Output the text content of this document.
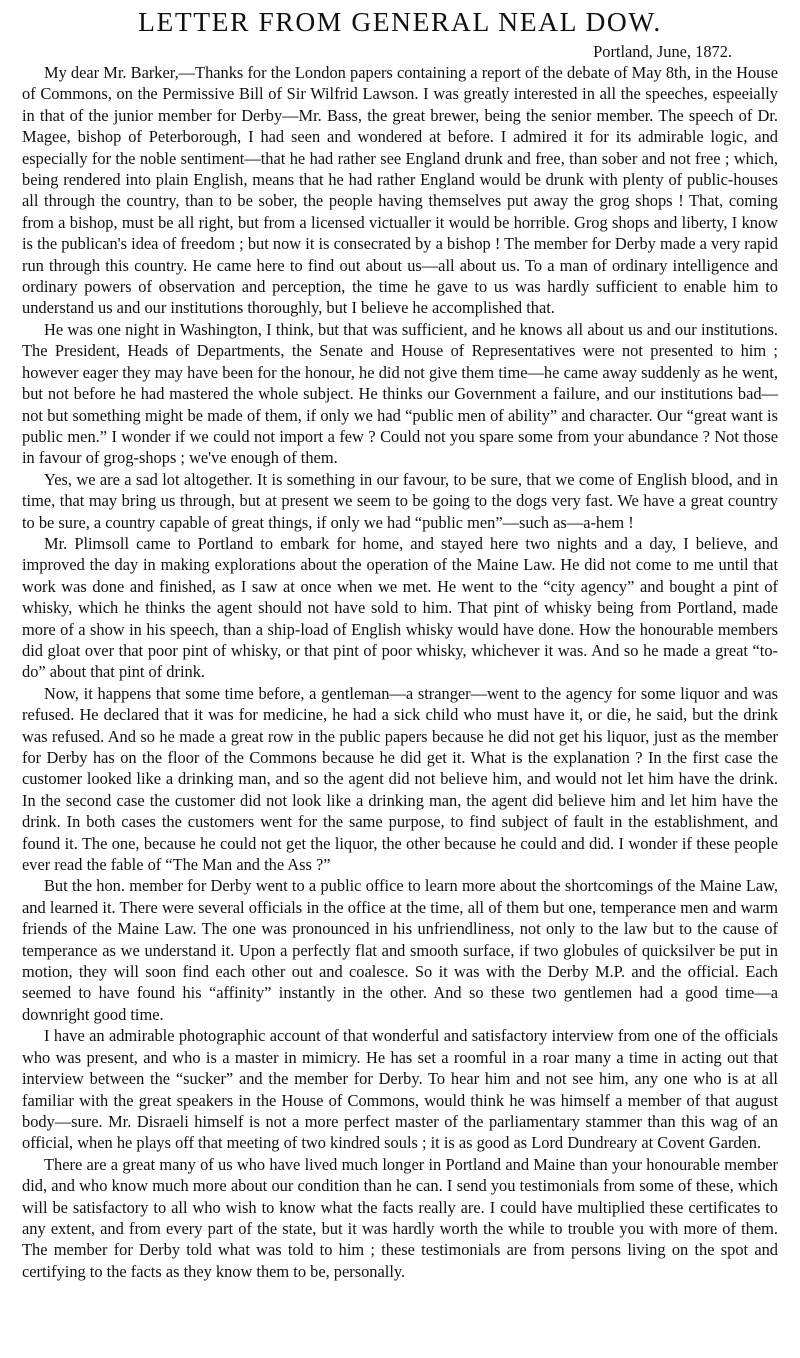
LETTER FROM GENERAL NEAL DOW.
Portland, June, 1872.

My dear Mr. Barker,—Thanks for the London papers containing a report of the debate of May 8th, in the House of Commons, on the Permissive Bill of Sir Wilfrid Lawson. I was greatly interested in all the speeches, espeeially in that of the junior member for Derby—Mr. Bass, the great brewer, being the senior member. The speech of Dr. Magee, bishop of Peterborough, I had seen and wondered at before. I admired it for its admirable logic, and especially for the noble sentiment—that he had rather see England drunk and free, than sober and not free ; which, being rendered into plain English, means that he had rather England would be drunk with plenty of public-houses all through the country, than to be sober, the people having themselves put away the grog shops ! That, coming from a bishop, must be all right, but from a licensed victualler it would be horrible. Grog shops and liberty, I know is the publican's idea of freedom ; but now it is consecrated by a bishop ! The member for Derby made a very rapid run through this country. He came here to find out about us—all about us. To a man of ordinary intelligence and ordinary powers of observation and perception, the time he gave to us was hardly sufficient to enable him to understand us and our institutions thoroughly, but I believe he accomplished that.

He was one night in Washington, I think, but that was sufficient, and he knows all about us and our institutions. The President, Heads of Departments, the Senate and House of Representatives were not presented to him ; however eager they may have been for the honour, he did not give them time—he came away suddenly as he went, but not before he had mastered the whole subject. He thinks our Government a failure, and our institutions bad—not but something might be made of them, if only we had “public men of ability” and character. Our “great want is public men.” I wonder if we could not import a few ? Could not you spare some from your abundance ? Not those in favour of grog-shops ; we've enough of them.

Yes, we are a sad lot altogether. It is something in our favour, to be sure, that we come of English blood, and in time, that may bring us through, but at present we seem to be going to the dogs very fast. We have a great country to be sure, a country capable of great things, if only we had “public men”—such as—a-hem !

Mr. Plimsoll came to Portland to embark for home, and stayed here two nights and a day, I believe, and improved the day in making explorations about the operation of the Maine Law. He did not come to me until that work was done and finished, as I saw at once when we met. He went to the “city agency” and bought a pint of whisky, which he thinks the agent should not have sold to him. That pint of whisky being from Portland, made more of a show in his speech, than a ship-load of English whisky would have done. How the honourable members did gloat over that poor pint of whisky, or that pint of poor whisky, whichever it was. And so he made a great “to-do” about that pint of drink.

Now, it happens that some time before, a gentleman—a stranger—went to the agency for some liquor and was refused. He declared that it was for medicine, he had a sick child who must have it, or die, he said, but the drink was refused. And so he made a great row in the public papers because he did not get his liquor, just as the member for Derby has on the floor of the Commons because he did get it. What is the explanation ? In the first case the customer looked like a drinking man, and so the agent did not believe him, and would not let him have the drink. In the second case the customer did not look like a drinking man, the agent did believe him and let him have the drink. In both cases the customers went for the same purpose, to find subject of fault in the establishment, and found it. The one, because he could not get the liquor, the other because he could and did. I wonder if these people ever read the fable of “The Man and the Ass ?”

But the hon. member for Derby went to a public office to learn more about the shortcomings of the Maine Law, and learned it. There were several officials in the office at the time, all of them but one, temperance men and warm friends of the Maine Law. The one was pronounced in his unfriendliness, not only to the law but to the cause of temperance as we understand it. Upon a perfectly flat and smooth surface, if two globules of quicksilver be put in motion, they will soon find each other out and coalesce. So it was with the Derby M.P. and the official. Each seemed to have found his “affinity” instantly in the other. And so these two gentlemen had a good time—a downright good time.

I have an admirable photographic account of that wonderful and satisfactory interview from one of the officials who was present, and who is a master in mimicry. He has set a roomful in a roar many a time in acting out that interview between the “sucker” and the member for Derby. To hear him and not see him, any one who is at all familiar with the great speakers in the House of Commons, would think he was himself a member of that august body—sure. Mr. Disraeli himself is not a more perfect master of the parliamentary stammer than this wag of an official, when he plays off that meeting of two kindred souls ; it is as good as Lord Dundreary at Covent Garden.

There are a great many of us who have lived much longer in Portland and Maine than your honourable member did, and who know much more about our condition than he can. I send you testimonials from some of these, which will be satisfactory to all who wish to know what the facts really are. I could have multiplied these certificates to any extent, and from every part of the state, but it was hardly worth the while to trouble you with more of them. The member for Derby told what was told to him ; these testimonials are from persons living on the spot and certifying to the facts as they know them to be, personally.
